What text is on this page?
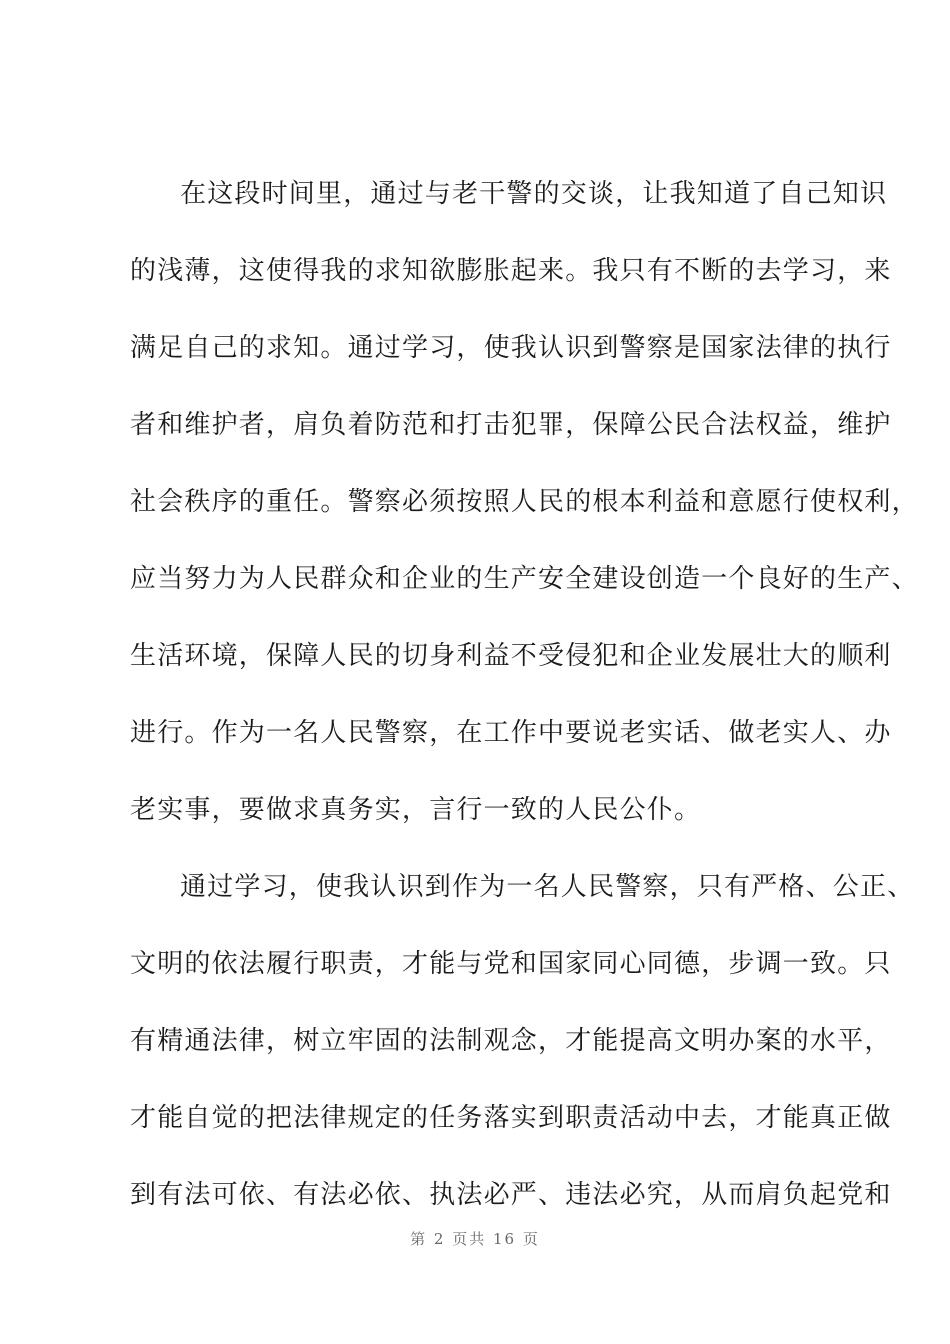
在这段时间里，通过与老干警的交谈，让我知道了自己知识
的浅薄，这使得我的求知欲膨胀起来。我只有不断的去学习，来
满足自己的求知。通过学习，使我认识到警察是国家法律的执行
者和维护者，肩负着防范和打击犯罪，保障公民合法权益，维护
社会秩序的重任。警察必须按照人民的根本利益和意愿行使权利，
应当努力为人民群众和企业的生产安全建设创造一个良好的生产、
生活环境，保障人民的切身利益不受侵犯和企业发展壮大的顺利
进行。作为一名人民警察，在工作中要说老实话、做老实人、办
老实事，要做求真务实，言行一致的人民公仆。
通过学习，使我认识到作为一名人民警察，只有严格、公正、
文明的依法履行职责，才能与党和国家同心同德，步调一致。只
有精通法律，树立牢固的法制观念，才能提高文明办案的水平，
才能自觉的把法律规定的任务落实到职责活动中去，才能真正做
到有法可依、有法必依、执法必严、违法必究，从而肩负起党和
第 2 页共 16 页
